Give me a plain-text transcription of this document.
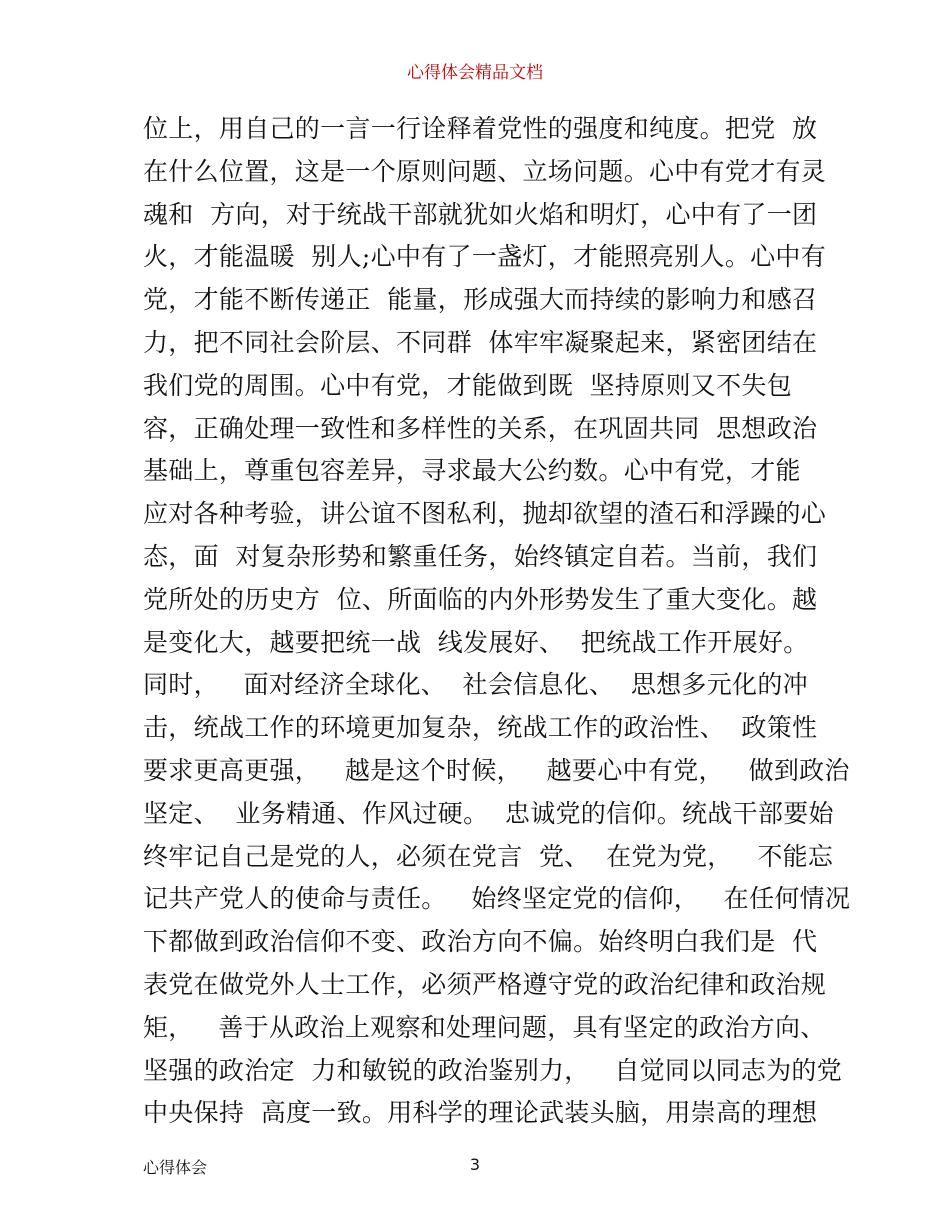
心得体会精品文档
位上，用自己的一言一行诠释着党性的强度和纯度。把党  放
在什么位置，这是一个原则问题、立场问题。心中有党才有灵
魂和  方向，对于统战干部就犹如火焰和明灯，心中有了一团
火，才能温暖  别人;心中有了一盏灯，才能照亮别人。心中有
党，才能不断传递正  能量，形成强大而持续的影响力和感召
力，把不同社会阶层、不同群  体牢牢凝聚起来，紧密团结在
我们党的周围。心中有党，才能做到既  坚持原则又不失包
容，正确处理一致性和多样性的关系，在巩固共同  思想政治
基础上，尊重包容差异，寻求最大公约数。心中有党，才能
应对各种考验，讲公谊不图私利，抛却欲望的渣石和浮躁的心
态，面  对复杂形势和繁重任务，始终镇定自若。当前，我们
党所处的历史方  位、所面临的内外形势发生了重大变化。越
是变化大，越要把统一战  线发展好、  把统战工作开展好。
同时，   面对经济全球化、  社会信息化、  思想多元化的冲
击，统战工作的环境更加复杂，统战工作的政治性、  政策性
要求更高更强，   越是这个时候，   越要心中有党，   做到政治
坚定、  业务精通、作风过硬。  忠诚党的信仰。统战干部要始
终牢记自己是党的人，必须在党言  党、  在党为党，   不能忘
记共产党人的使命与责任。   始终坚定党的信仰，   在任何情况
下都做到政治信仰不变、政治方向不偏。始终明白我们是  代
表党在做党外人士工作，必须严格遵守党的政治纪律和政治规
矩，   善于从政治上观察和处理问题，具有坚定的政治方向、
坚强的政治定  力和敏锐的政治鉴别力，   自觉同以同志为的党
中央保持  高度一致。用科学的理论武装头脑，用崇高的理想
心得体会	3
